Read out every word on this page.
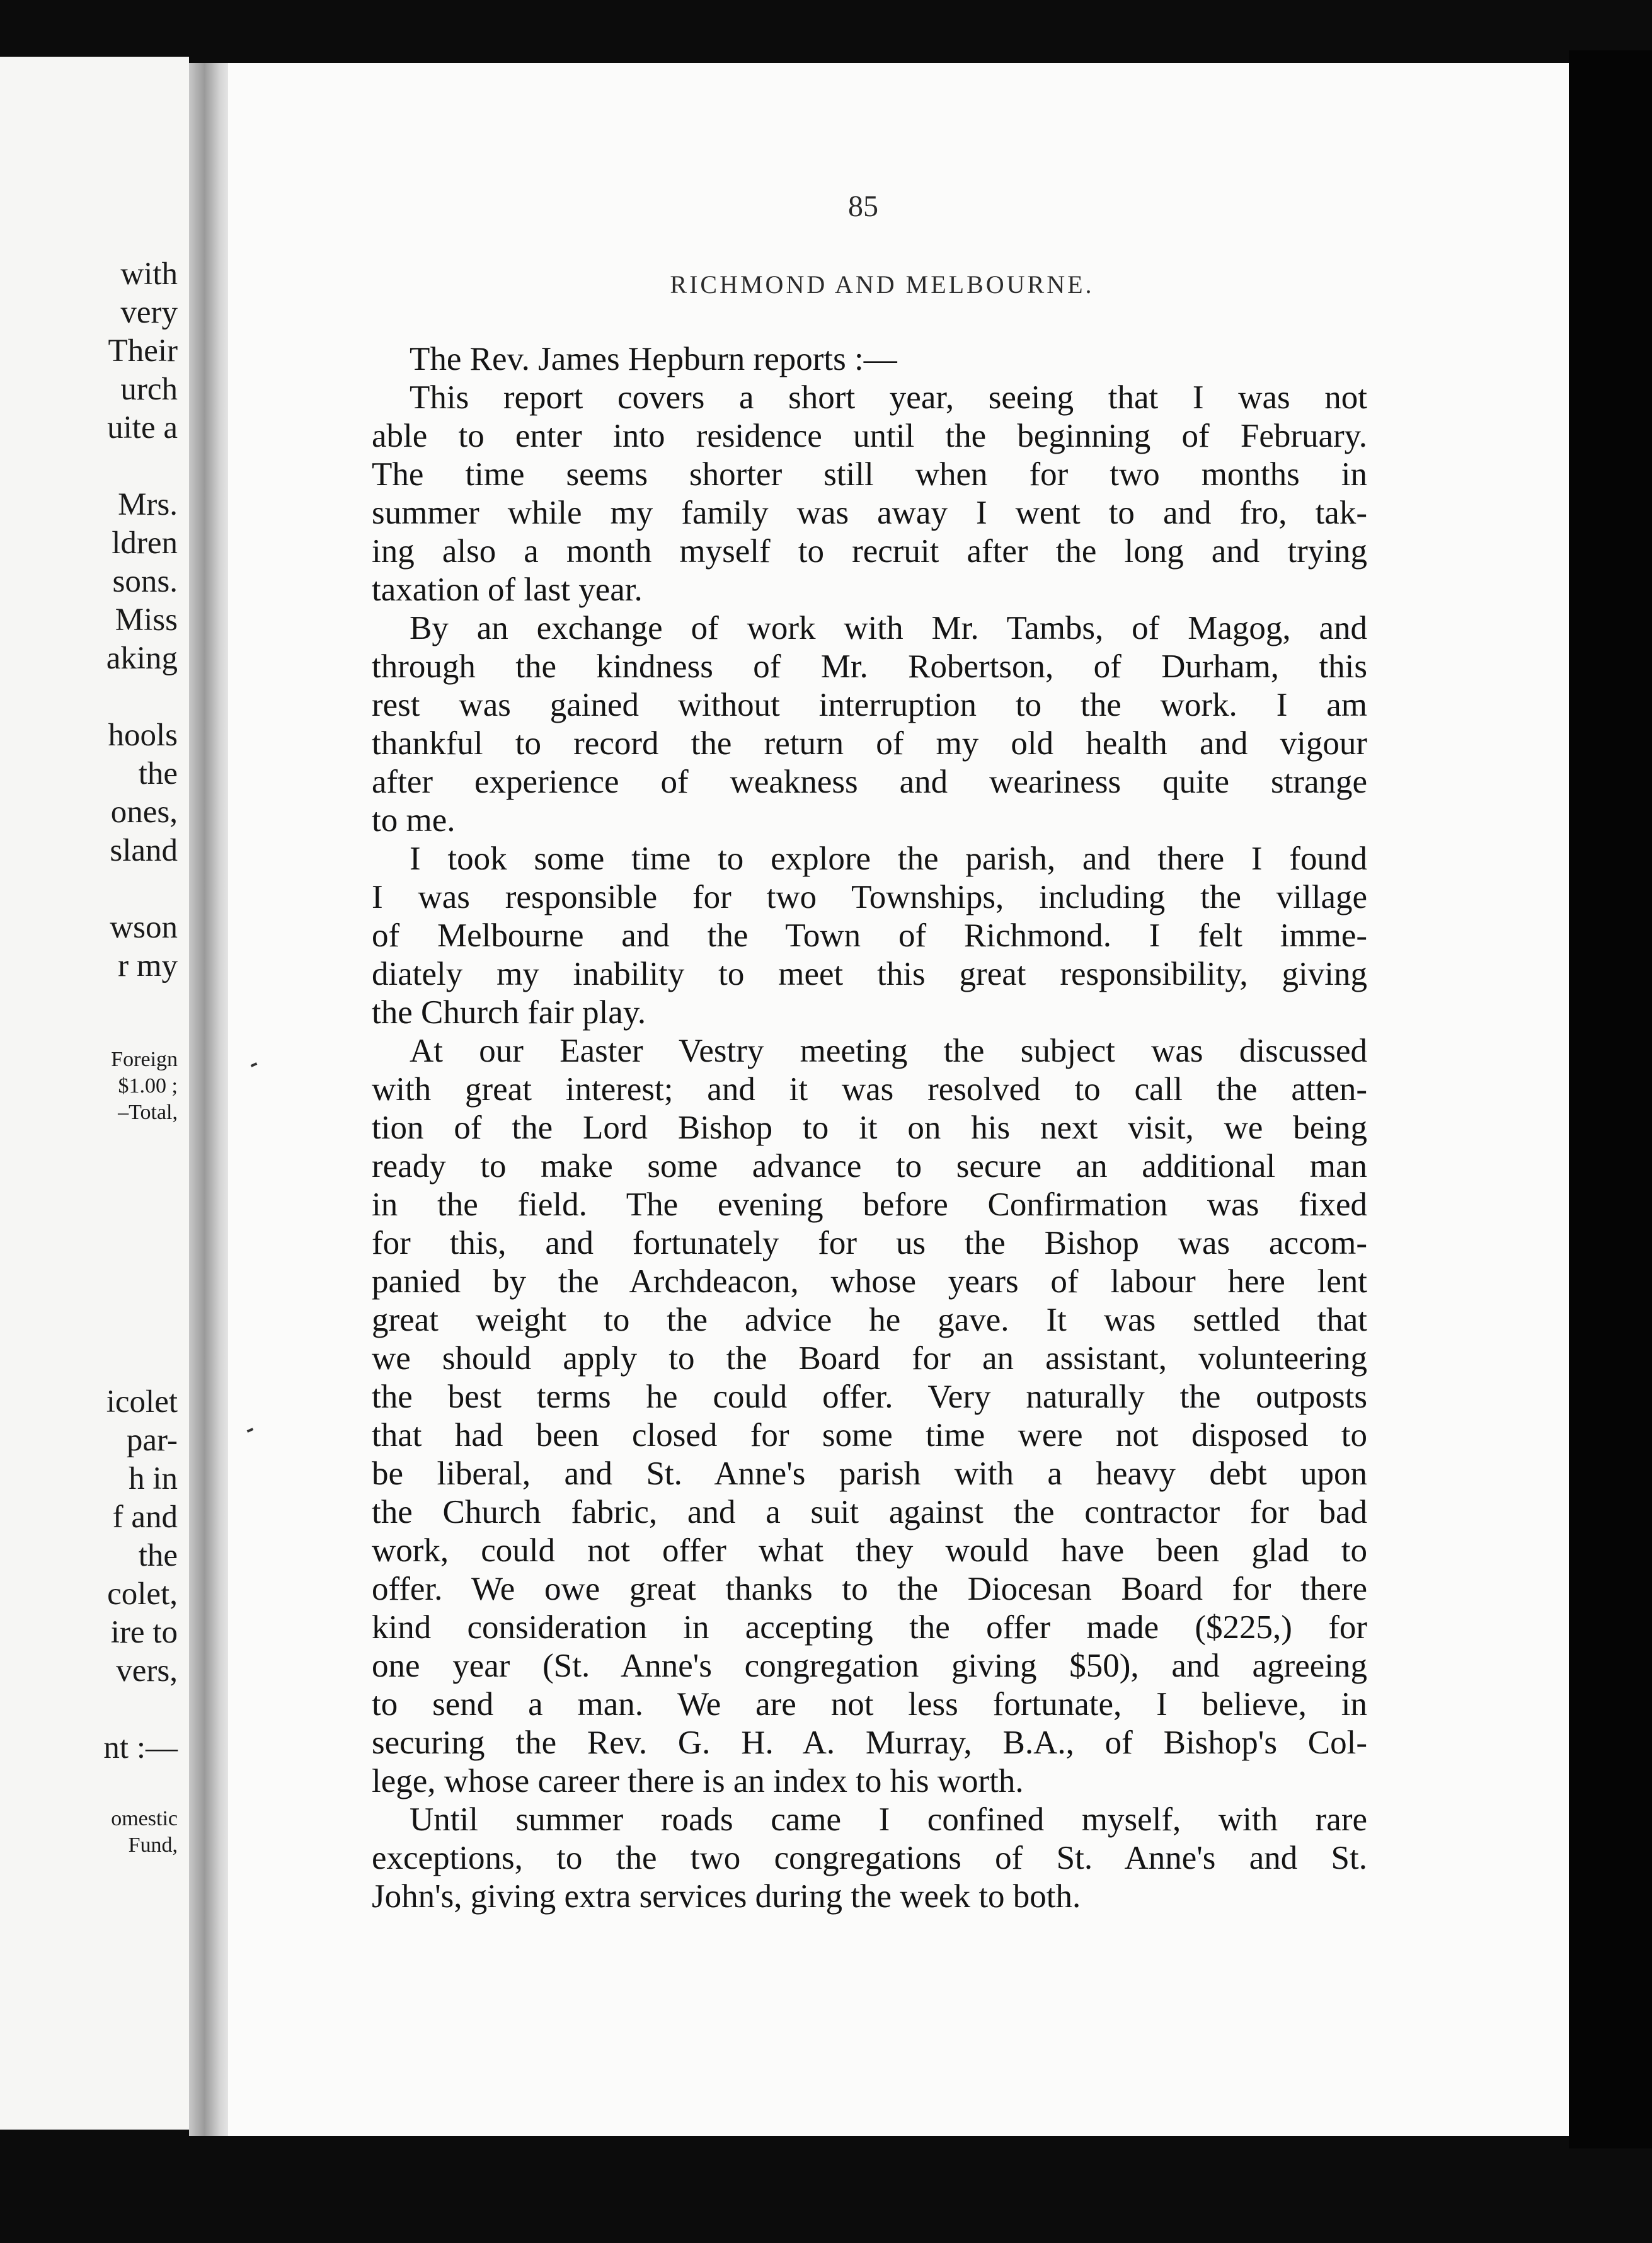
with
very
Their
urch
uite a
Mrs.
ldren
sons.
Miss
aking
hools
the
ones,
sland
wson
r my
Foreign
$1.00 ;
–Total,
icolet
par-
h in
f and
the
colet,
ire to
vers,
nt :—
omestic
Fund,
85
RICHMOND AND MELBOURNE.
The Rev. James Hepburn reports :—
This report covers a short year, seeing that I was not
able to enter into residence until the beginning of February.
The time seems shorter still when for two months in
summer while my family was away I went to and fro, tak-
ing also a month myself to recruit after the long and trying
taxation of last year.
By an exchange of work with Mr. Tambs, of Magog, and
through the kindness of Mr. Robertson, of Durham, this
rest was gained without interruption to the work. I am
thankful to record the return of my old health and vigour
after experience of weakness and weariness quite strange
to me.
I took some time to explore the parish, and there I found
I was responsible for two Townships, including the village
of Melbourne and the Town of Richmond. I felt imme-
diately my inability to meet this great responsibility, giving
the Church fair play.
At our Easter Vestry meeting the subject was discussed
with great interest; and it was resolved to call the atten-
tion of the Lord Bishop to it on his next visit, we being
ready to make some advance to secure an additional man
in the field. The evening before Confirmation was fixed
for this, and fortunately for us the Bishop was accom-
panied by the Archdeacon, whose years of labour here lent
great weight to the advice he gave. It was settled that
we should apply to the Board for an assistant, volunteering
the best terms he could offer. Very naturally the outposts
that had been closed for some time were not disposed to
be liberal, and St. Anne's parish with a heavy debt upon
the Church fabric, and a suit against the contractor for bad
work, could not offer what they would have been glad to
offer. We owe great thanks to the Diocesan Board for there
kind consideration in accepting the offer made ($225,) for
one year (St. Anne's congregation giving $50), and agreeing
to send a man. We are not less fortunate, I believe, in
securing the Rev. G. H. A. Murray, B.A., of Bishop's Col-
lege, whose career there is an index to his worth.
Until summer roads came I confined myself, with rare
exceptions, to the two congregations of St. Anne's and St.
John's, giving extra services during the week to both.
